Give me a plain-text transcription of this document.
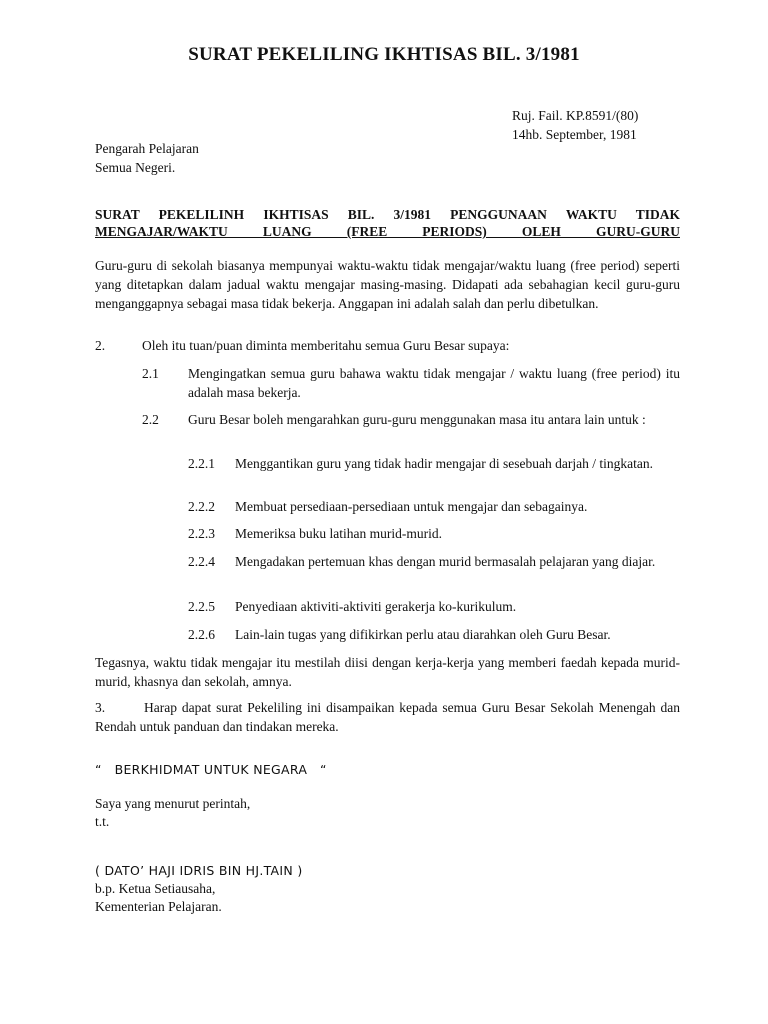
SURAT PEKELILING IKHTISAS BIL. 3/1981
Ruj. Fail. KP.8591/(80)
14hb. September, 1981
Pengarah Pelajaran
Semua Negeri.
SURAT PEKELILINH IKHTISAS BIL. 3/1981 PENGGUNAAN WAKTU TIDAK
MENGAJAR/WAKTU LUANG (FREE PERIODS) OLEH GURU-GURU
Guru-guru di sekolah biasanya mempunyai waktu-waktu tidak mengajar/waktu luang (free period) seperti yang ditetapkan dalam jadual waktu mengajar masing-masing. Didapati ada sebahagian kecil guru-guru menganggapnya sebagai masa tidak bekerja. Anggapan ini adalah salah dan perlu dibetulkan.
2.	Oleh itu tuan/puan diminta memberitahu semua Guru Besar supaya:
2.1 Mengingatkan semua guru bahawa waktu tidak mengajar / waktu luang (free period) itu adalah masa bekerja.
2.2 Guru Besar boleh mengarahkan guru-guru menggunakan masa itu antara lain untuk :
2.2.1 Menggantikan guru yang tidak hadir mengajar di sesebuah darjah / tingkatan.
2.2.2 Membuat persediaan-persediaan untuk mengajar dan sebagainya.
2.2.3 Memeriksa buku latihan murid-murid.
2.2.4 Mengadakan pertemuan khas dengan murid bermasalah pelajaran yang diajar.
2.2.5 Penyediaan aktiviti-aktiviti gerakerja ko-kurikulum.
2.2.6 Lain-lain tugas yang difikirkan perlu atau diarahkan oleh Guru Besar.
Tegasnya, waktu tidak mengajar itu mestilah diisi dengan kerja-kerja yang memberi faedah kepada murid-murid, khasnya dan sekolah, amnya.
3.	Harap dapat surat Pekeliling ini disampaikan kepada semua Guru Besar Sekolah Menengah dan Rendah untuk panduan dan tindakan mereka.
“   BERKHIDMAT UNTUK NEGARA   “
Saya yang menurut perintah,
t.t.
( DATO’ HAJI IDRIS BIN HJ.TAIN )
b.p. Ketua Setiausaha,
Kementerian Pelajaran.
